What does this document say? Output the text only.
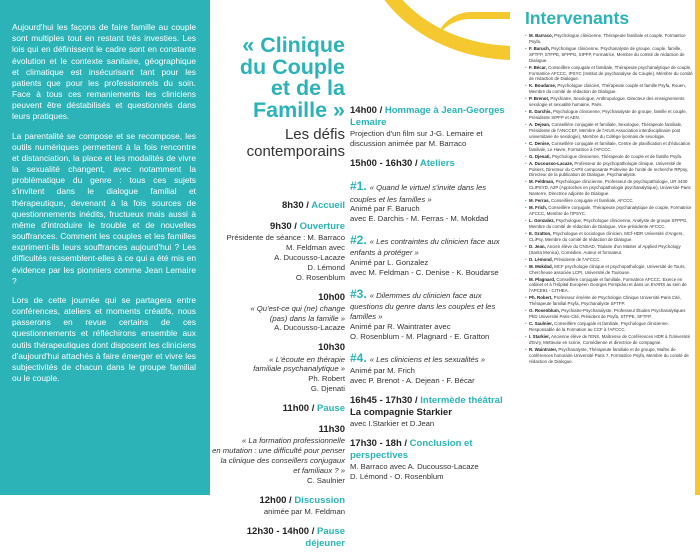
Aujourd'hui les façons de faire famille au couple sont multiples tout en restant très investies. Les lois qui en définissent le cadre sont en constante évolution et le contexte sanitaire, géographique et climatique est insécurisant tant pour les patients que pour les professionnels du soin. Face à tous ces remaniements les cliniciens peuvent être déstabilisés et questionnés dans leurs pratiques.

La parentalité se compose et se recompose, les outils numériques permettent à la fois rencontre et distanciation, la place et les modalités de vivre la sexualité changent, avec notamment la problématique du genre : tous ces sujets s'invitent dans le dialogue familial et thérapeutique, devenant à la fois sources de questionnements inédits, fructueux mais aussi à même d'introduire le trouble et de nouvelles souffrances. Comment les couples et les familles expriment-ils leurs souffrances aujourd'hui ? Les difficultés ressemblent-elles à ce qui a été mis en évidence par les pionniers comme Jean Lemaire ?

Lors de cette journée qui se partagera entre conférences, ateliers et moments créatifs, nous passerons en revue certains de ces questionnements et réfléchirons ensemble aux outils thérapeutiques dont disposent les cliniciens d'aujourd'hui attachés à faire émerger et vivre les subjectivités de chacun dans le groupe familial ou le couple.

« Clinique
du Couple
et de la
Famille »
Les défis
contemporains
8h30 / Accueil
9h30 / Ouverture
Présidente de séance : M. Barraco
M. Feldman avec
A. Ducousso-Lacaze
D. Lémond
O. Rosenblum
10h00
« Qu'est-ce qui (ne) change
(pas) dans la famille »
A. Ducousso-Lacaze
10h30
« L'écoute en thérapie
familiale psychanalytique »
Ph. Robert
G. Djenati
11h00 / Pause
11h30
« La formation professionnelle
en mutation : une difficulté pour penser
la clinique des conseillers conjugaux
et familiaux ? »
C. Saulnier
12h00 / Discussion
animée par M. Feldman
12h30 - 14h00 / Pause déjeuner
14h00 / Hommage à Jean-Georges Lemaire
Projection d'un film sur J-G. Lemaire et
discussion animée par M. Barraco
15h00 - 16h30 / Ateliers
#1. « Quand le virtuel s'invite dans les couples et les familles »
Animé par F. Baruch
avec E. Darchis - M. Ferras - M. Mokdad
#2. « Les contraintes du clinicien face aux enfants à protéger »
Animé par L. Gonzalez
avec M. Feldman - C. Denise - K. Boudarse
#3. « Dilemmes du clinicien face aux questions du genre dans les couples et les familles »
Animé par R. Waintrater avec
O. Rosenblum - M. Plagnard - E. Gratton
#4. « Les cliniciens et les sexualités »
Animé par M. Frich
avec P. Brenot - A. Dejean - F. Bécar
16h45 - 17h30 / Intermède théâtral La compagnie Starkier
avec I.Starkier et D.Jean
17h30 - 18h / Conclusion et perspectives
M. Barraco avec A. Ducousso-Lacaze
D. Lémond - O. Rosenblum
Intervenants
• M. Barraco, Psychologue clinicienne, Thérapeute familiale et couple, Formatrice Psyfa.
• F. Baruch, Psychologue clinicienne, Psychanalyste de groupe, couple, famille, SFTFP, STFPE, SFPPG, SIPFP, Formatrice, Membre du comité de rédaction de Dialogue.
• F. Bécar, Conseillère conjugale et familiale, Thérapeute psychanalytique de couple, Formatrice AFCCC, IPSYC (Institut de psychanalyse du Couple), Membre du comité de rédaction de Dialogue.
• K. Boudarse, Psychologue clinicien, Thérapeute couple et famille Psyfa, Rouen, Membre du comité de rédaction de Dialogue.
• P. Brenot, Psychiatre, Sexologue, Anthropologue, Directeur des enseignements sexologie et sexualité humaine, Paris.
• E. Darchis, Psychologue clinicienne, Psychanalyste de groupe, famille et couple, Présidente SIPFP et AEN.
• A. Dejean, Conseillère conjugale et familiale, Sexologue, Thérapeute familiale, Présidente de l'ANCCEF, Membre de l'AIUS Association interdisciplinaire post universitaire de sexologie), Membre du Collège lyonnais de sexologie.
• C. Denise, Conseillère conjugale et familiale, Centre de planification et d'éducation familiale, Le Havre, Formatrice à l'AFCCC.
• G. Djenati, Psychologue clinicienne, Thérapeute de couple et de famille Psyfa.
• A. Ducousso-Lacaze, Professeur de psychopathologie clinique, Université de Poitiers, Directeur du CAPS composante Poitevine de l'unité de recherche RPpsy, Directeur de la publication de Dialogue, Psychanalyste.
• M. Feldman, Psychologue clinicienne, Professeur de psychopathologie, UR 4430 CLIPSYD, A2P (Approches en psychopathologie psychanalytique), Université Paris Nanterre, Directrice adjointe de Dialogue.
• M. Ferras, Conseillère conjugale et familiale, AFCCC.
• M. Frich, Conseillère conjugale, Thérapeute psychanalytique de couple, Formatrice AFCCC, Membre de l'IPSYC.
• L. Gonzalez, Psychologue, Psychologue clinicienne, Analyste de groupe SFPPG, Membre du comité de rédaction de Dialogue, Vice-présidente AFCCC.
• E. Gratton, Psychologue et sociologue clinicien, MCf-HDR Université d'Angers, CLiPsy, Membre du comité de rédaction de Dialogue.
• D. Jean, Ancien élève du CNSAD, Titulaire d'un Master of Applied Psychology (Santa Monica), Comédien, Auteur et formateur.
• D. Lémond, Présidente de l'AFCCC.
• M. Mokdad, MCF psychologie clinique et psychopathologie, Université de Tours, Chercheuse associée LCPI, Université de Toulouse.
• M. Plagnard, Conseillère conjugale et familiale, Formatrice AFCCC. Exerce en cabinet et à l'Hôpital Européen Georges Pompidou et dans un EVARS au sein de l'APCE91 - CITHEA.
• Ph. Robert, Professeur émérite de Psychologie Clinique Université Paris Cité, Thérapeute familial Psyfa, Psychanalyste SFTFP.
• O. Rosenblum, Psychiatre-Psychanalyste, Professeur Études Psychanalytiques PhD Université Paris-Cité, Président de Psyfa, STFPE, SFTFP.
• C. Saulnier, Conseillère conjugale et familiale, Psychologue clinicienne, Responsable de la Formation au CCF à l'AFCCC.
• I. Starkier, Ancienne élève de l'ENS, Maîtresse de Conférences HDR à l'Université d'Evry, Metteuse en scène, Comédienne et directrice de compagnie.
• R. Waintrater, Psychanalyste, Thérapeute familiale et de groupe, Maître de conférences honoraire Université Paris 7, Formatrice Psyfa, Membre du comité de rédaction de Dialogue.
